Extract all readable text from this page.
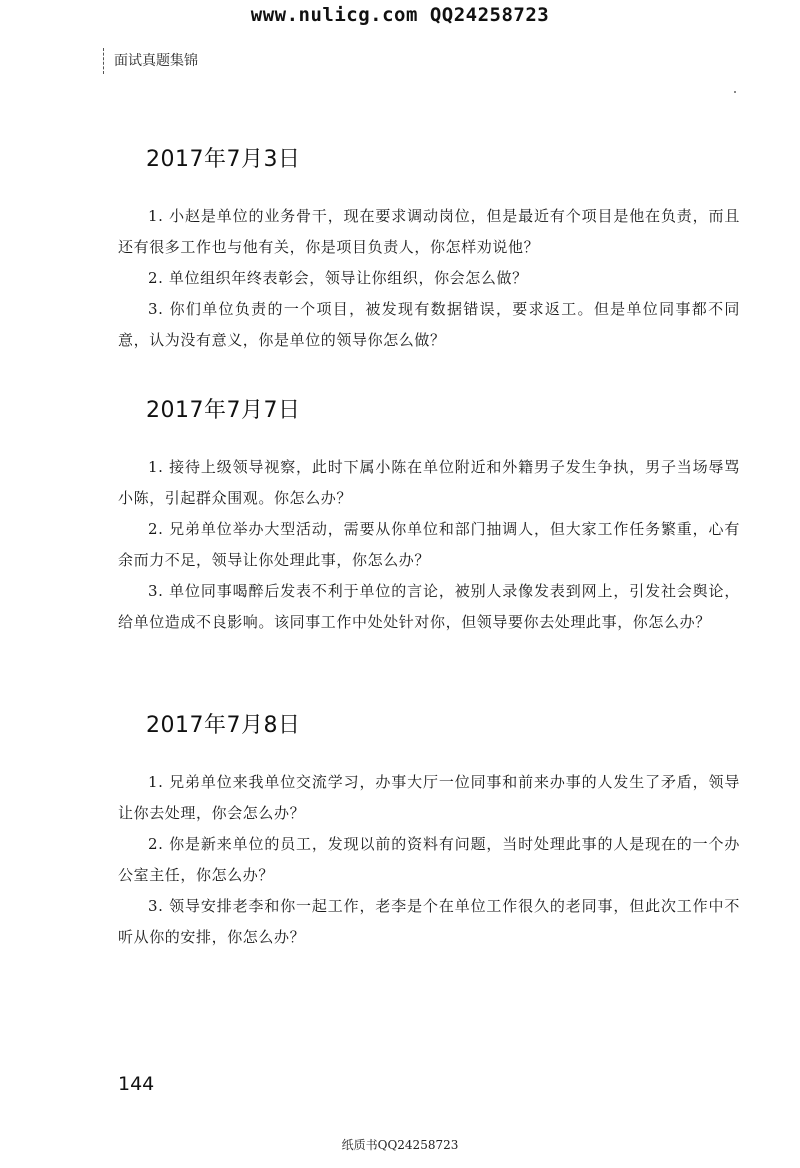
www.nulicg.com QQ24258723
面试真题集锦
2017年7月3日
1. 小赵是单位的业务骨干，现在要求调动岗位，但是最近有个项目是他在负责，而且还有很多工作也与他有关，你是项目负责人，你怎样劝说他？
2. 单位组织年终表彰会，领导让你组织，你会怎么做？
3. 你们单位负责的一个项目，被发现有数据错误，要求返工。但是单位同事都不同意，认为没有意义，你是单位的领导你怎么做？
2017年7月7日
1. 接待上级领导视察，此时下属小陈在单位附近和外籍男子发生争执，男子当场辱骂小陈，引起群众围观。你怎么办？
2. 兄弟单位举办大型活动，需要从你单位和部门抽调人，但大家工作任务繁重，心有余而力不足，领导让你处理此事，你怎么办？
3. 单位同事喝醉后发表不利于单位的言论，被别人录像发表到网上，引发社会舆论，给单位造成不良影响。该同事工作中处处针对你，但领导要你去处理此事，你怎么办？
2017年7月8日
1. 兄弟单位来我单位交流学习，办事大厅一位同事和前来办事的人发生了矛盾，领导让你去处理，你会怎么办？
2. 你是新来单位的员工，发现以前的资料有问题，当时处理此事的人是现在的一个办公室主任，你怎么办？
3. 领导安排老李和你一起工作，老李是个在单位工作很久的老同事，但此次工作中不听从你的安排，你怎么办？
144
纸质书QQ24258723
